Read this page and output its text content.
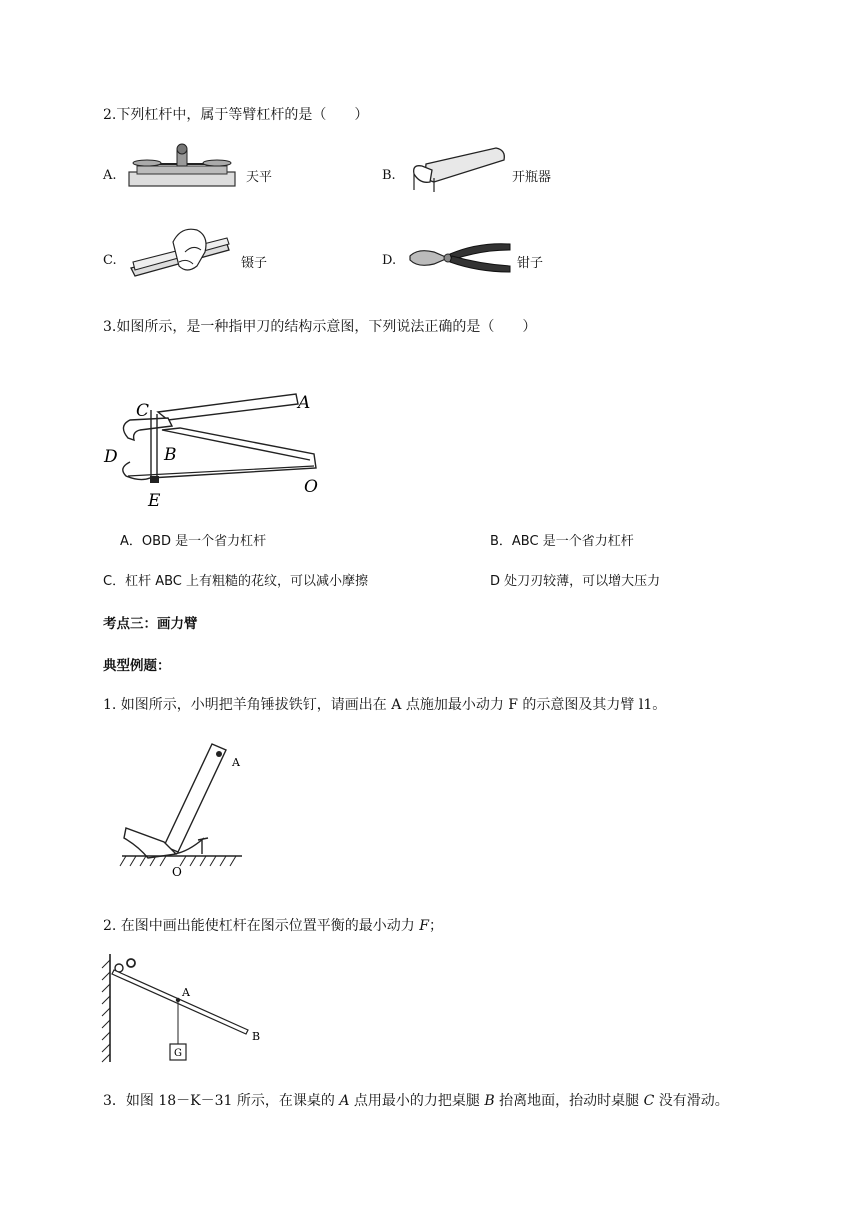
2.下列杠杆中，属于等臂杠杆的是（　　）
A.	天平	B.	开瓶器
C.	镊子	D.	钳子
3.如图所示，是一种指甲刀的结构示意图，下列说法正确的是（　　）
C	A
D	B
E
O
A．OBD 是一个省力杠杆	B．ABC 是一个省力杠杆
C．杠杆 ABC 上有粗糙的花纹，可以减小摩擦	D 处刀刃较薄，可以增大压力
考点三：画力臂
典型例题：
1. 如图所示，小明把羊角锤拔铁钉，请画出在 A 点施加最小动力 F 的示意图及其力臂 l1。
A
O
2. 在图中画出能使杠杆在图示位置平衡的最小动力 F；
G
A
B
3．如图 18－K－31 所示，在课桌的 A 点用最小的力把桌腿 B 抬离地面，抬动时桌腿 C 没有滑动。
